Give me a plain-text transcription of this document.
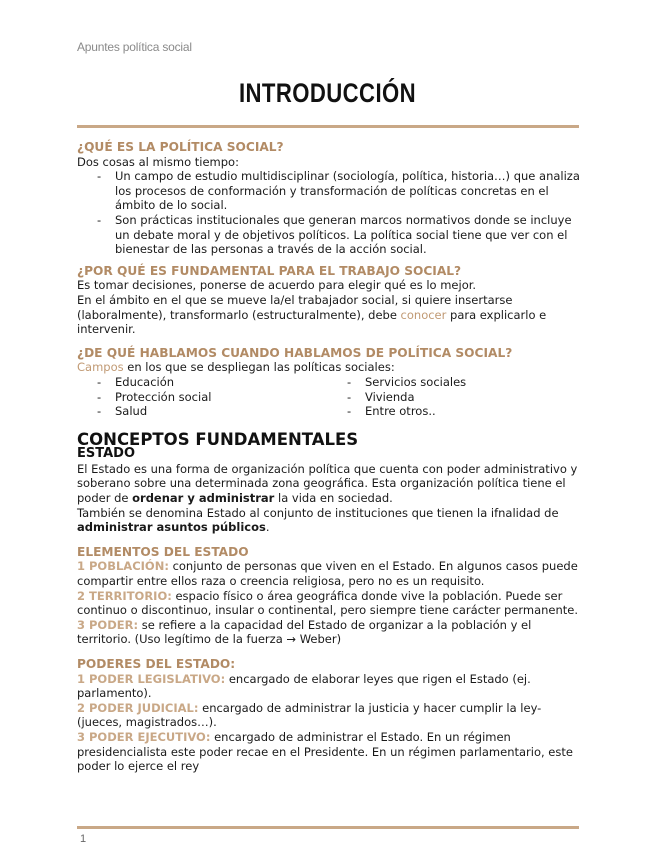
Apuntes política social
INTRODUCCIÓN
¿QUÉ ES LA POLÍTICA SOCIAL?

Dos cosas al mismo tiempo:

- Un campo de estudio multidisciplinar (sociología, política, historia…) que analiza los procesos de conformación y transformación de políticas concretas en el ámbito de lo social.
- Son prácticas institucionales que generan marcos normativos donde se incluye un debate moral y de objetivos políticos. La política social tiene que ver con el bienestar de las personas a través de la acción social.
¿POR QUÉ ES FUNDAMENTAL PARA EL TRABAJO SOCIAL?

Es tomar decisiones, ponerse de acuerdo para elegir qué es lo mejor.

En el ámbito en el que se mueve la/el trabajador social, si quiere insertarse (laboralmente), transformarlo (estructuralmente), debe conocer para explicarlo e intervenir.

¿DE QUÉ HABLAMOS CUANDO HABLAMOS DE POLÍTICA SOCIAL?

Campos en los que se despliegan las políticas sociales:

- Educación
- Protección social
- Salud
- Servicios sociales
- Vivienda
- Entre otros..
CONCEPTOS FUNDAMENTALES
ESTADO

El Estado es una forma de organización política que cuenta con poder administrativo y soberano sobre una determinada zona geográfica. Esta organización política tiene el poder de ordenar y administrar la vida en sociedad.

También se denomina Estado al conjunto de instituciones que tienen la ifnalidad de administrar asuntos públicos.

ELEMENTOS DEL ESTADO

1 POBLACIÓN: conjunto de personas que viven en el Estado. En algunos casos puede compartir entre ellos raza o creencia religiosa, pero no es un requisito.

2 TERRITORIO: espacio físico o área geográfica donde vive la población. Puede ser continuo o discontinuo, insular o continental, pero siempre tiene carácter permanente.

3 PODER: se refiere a la capacidad del Estado de organizar a la población y el territorio. (Uso legítimo de la fuerza → Weber)

PODERES DEL ESTADO:

1 PODER LEGISLATIVO: encargado de elaborar leyes que rigen el Estado (ej. parlamento).

2 PODER JUDICIAL: encargado de administrar la justicia y hacer cumplir la ley- (jueces, magistrados…).

3 PODER EJECUTIVO: encargado de administrar el Estado. En un régimen presidencialista este poder recae en el Presidente. En un régimen parlamentario, este poder lo ejerce el rey

1
